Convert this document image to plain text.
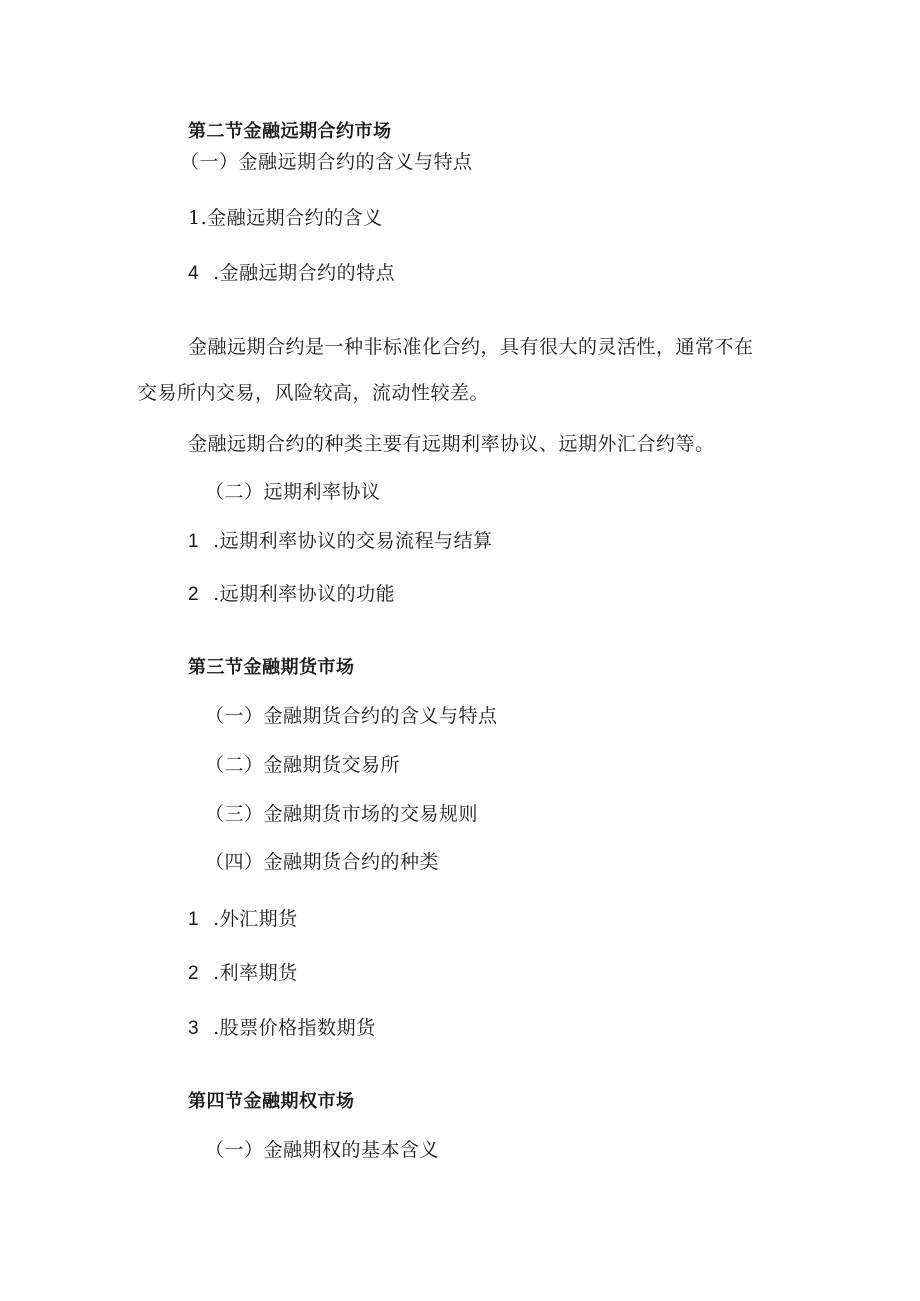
第二节金融远期合约市场
（一）金融远期合约的含义与特点
1.金融远期合约的含义
4 .金融远期合约的特点
金融远期合约是一种非标准化合约，具有很大的灵活性，通常不在
交易所内交易，风险较高，流动性较差。
金融远期合约的种类主要有远期利率协议、远期外汇合约等。
（二）远期利率协议
1 .远期利率协议的交易流程与结算
2 .远期利率协议的功能
第三节金融期货市场
（一）金融期货合约的含义与特点
（二）金融期货交易所
（三）金融期货市场的交易规则
（四）金融期货合约的种类
1 .外汇期货
2 .利率期货
3 .股票价格指数期货
第四节金融期权市场
（一）金融期权的基本含义
